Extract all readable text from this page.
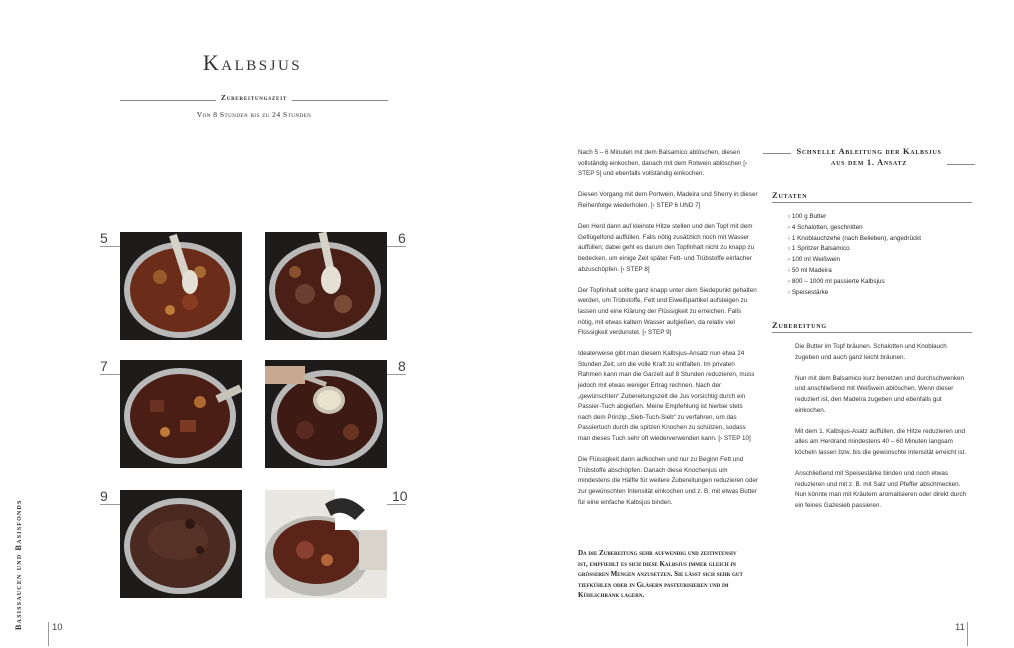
Kalbsjus
Zubereitungszeit
Von 8 Stunden bis zu 24 Stunden
5	6
7	8
9	10
Basissaucen und Basisfonds	10

Nach 5 – 6 Minuten mit dem Balsamico ablöschen, diesen vollständig einkochen, danach mit dem Rotwein ablöschen [› STEP 5] und ebenfalls vollständig einkochen.

Diesen Vorgang mit dem Portwein, Madeira und Sherry in dieser Reihenfolge wiederholen. [› STEP 6 UND 7]

Den Herd dann auf kleinste Hitze stellen und den Topf mit dem Geflügelfond auffüllen. Falls nötig zusätzlich noch mit Wasser auffüllen; dabei geht es darum den Topfinhalt nicht zu knapp zu bedecken, um einige Zeit später Fett- und Trübstoffe einfacher abzuschöpfen. [› STEP 8]

Der Topfinhalt sollte ganz knapp unter dem Siedepunkt gehalten werden, um Trübstoffe, Fett und Eiweißpartikel aufsteigen zu lassen und eine Klärung der Flüssigkeit zu erreichen. Falls nötig, mit etwas kaltem Wasser aufgießen, da relativ viel Flüssigkeit verdunstet. [› STEP 9]

Idealerweise gibt man diesem Kalbsjus-Ansatz nun etwa 24 Stunden Zeit, um die volle Kraft zu entfalten. Im privaten Rahmen kann man die Garzeit auf 8 Stunden reduzieren, muss jedoch mit etwas weniger Ertrag rechnen. Nach der „gewünschten“ Zubereitungszeit die Jus vorsichtig durch ein Passier-Tuch abgießen. Meine Empfehlung ist hierbei stets nach dem Prinzip „Sieb-Tuch-Sieb“ zu verfahren, um das Passiertuch durch die spitzen Knochen zu schützen, sodass man dieses Tuch sehr oft wiederverwenden kann. [› STEP 10]

Die Flüssigkeit dann aufkochen und nur zu Beginn Fett und Trübstoffe abschöpfen. Danach diese Knochenjus um mindestens die Hälfte für weitere Zubereitungen reduzieren oder zur gewünschten Intensität einkochen und z. B. mit etwas Butter für eine einfache Kalbsjus binden.

Da die Zubereitung sehr aufwendig und zeitintensiv ist, empfiehlt es sich diese Kalbsjus immer gleich in größeren Mengen anzusetzen. Sie lässt sich sehr gut tiefkühlen oder in Gläsern pasteurisieren und im Kühlschrank lagern.
Schnelle Ableitung der Kalbsjus
aus dem 1. Ansatz
Zutaten
› 100 g Butter
› 4 Schalotten, geschnitten
› 1 Knoblauchzehe (nach Belieben), angedrückt
› 1 Spritzer Balsamico
› 100 ml Weißwein
› 50 ml Madeira
› 800 – 1000 ml passierte Kalbsjus
› Speisestärke
Zubereitung

Die Butter im Topf bräunen. Schalotten und Knoblauch zugeben und auch ganz leicht bräunen.

Nun mit dem Balsamico kurz benetzen und durchschwenken und anschließend mit Weißwein ablöschen. Wenn dieser reduziert ist, den Madeira zugeben und ebenfalls gut einkochen.

Mit dem 1. Kalbsjus-Asatz auffüllen, die Hitze reduzieren und alles am Herdrand mindestens 40 – 60 Minuten langsam köcheln lassen bzw. bis die gewünschte Intensität erreicht ist.

Anschließend mit Speisestärke binden und noch etwas reduzieren und mit z. B. mit Salz und Pfeffer abschmecken. Nun könnte man mit Kräutern aromatisieren oder direkt durch ein feines Gazesieb passieren.

11
